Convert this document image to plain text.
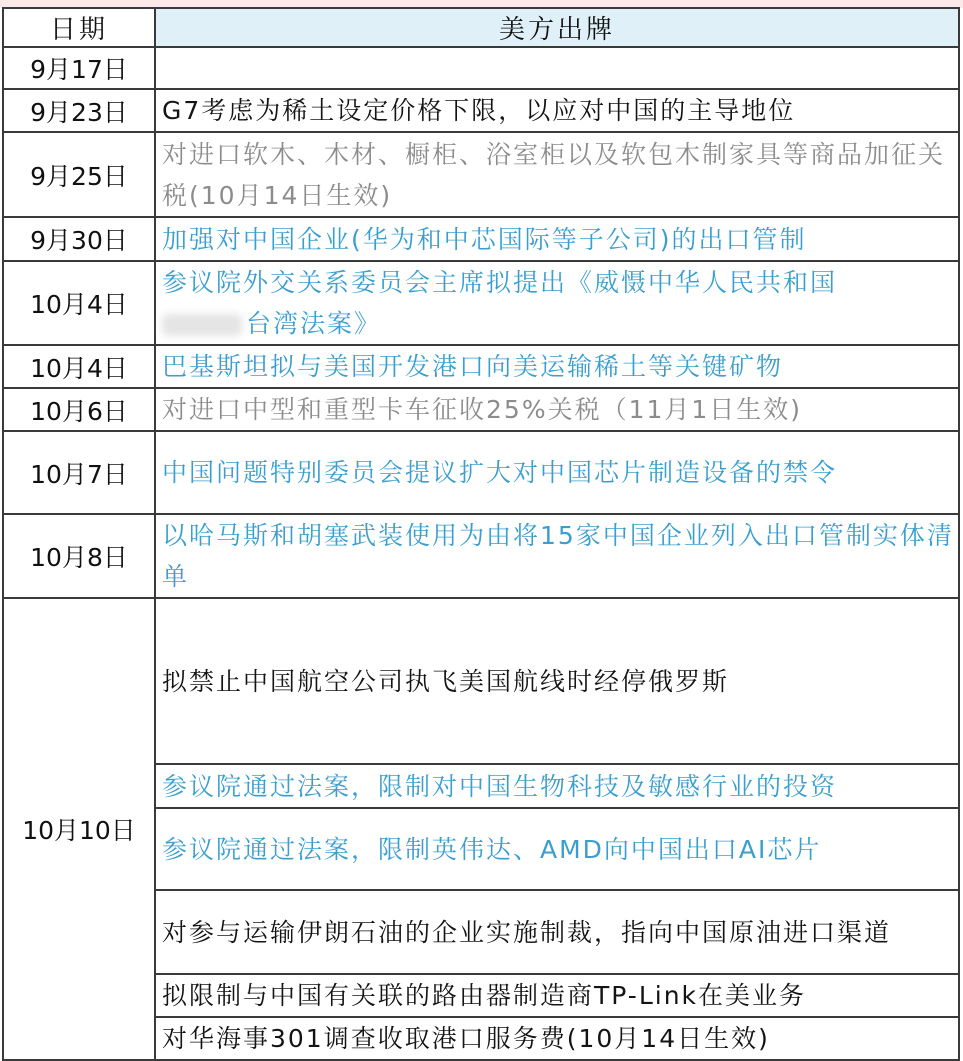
日期	美方出牌
9月17日	
9月23日	G7考虑为稀土设定价格下限，以应对中国的主导地位
9月25日	对进口软木、木材、橱柜、浴室柜以及软包木制家具等商品加征关税(10月14日生效)
9月30日	加强对中国企业(华为和中芯国际等子公司)的出口管制
10月4日	参议院外交关系委员会主席拟提出《威慑中华人民共和国
台湾法案》
10月4日	巴基斯坦拟与美国开发港口向美运输稀土等关键矿物
10月6日	对进口中型和重型卡车征收25%关税（11月1日生效)
10月7日	中国问题特别委员会提议扩大对中国芯片制造设备的禁令
10月8日	以哈马斯和胡塞武装使用为由将15家中国企业列入出口管制实体清单
10月10日	拟禁止中国航空公司执飞美国航线时经停俄罗斯
	参议院通过法案，限制对中国生物科技及敏感行业的投资
	参议院通过法案，限制英伟达、AMD向中国出口AI芯片
	对参与运输伊朗石油的企业实施制裁，指向中国原油进口渠道
	拟限制与中国有关联的路由器制造商TP-Link在美业务
	对华海事301调查收取港口服务费(10月14日生效)
